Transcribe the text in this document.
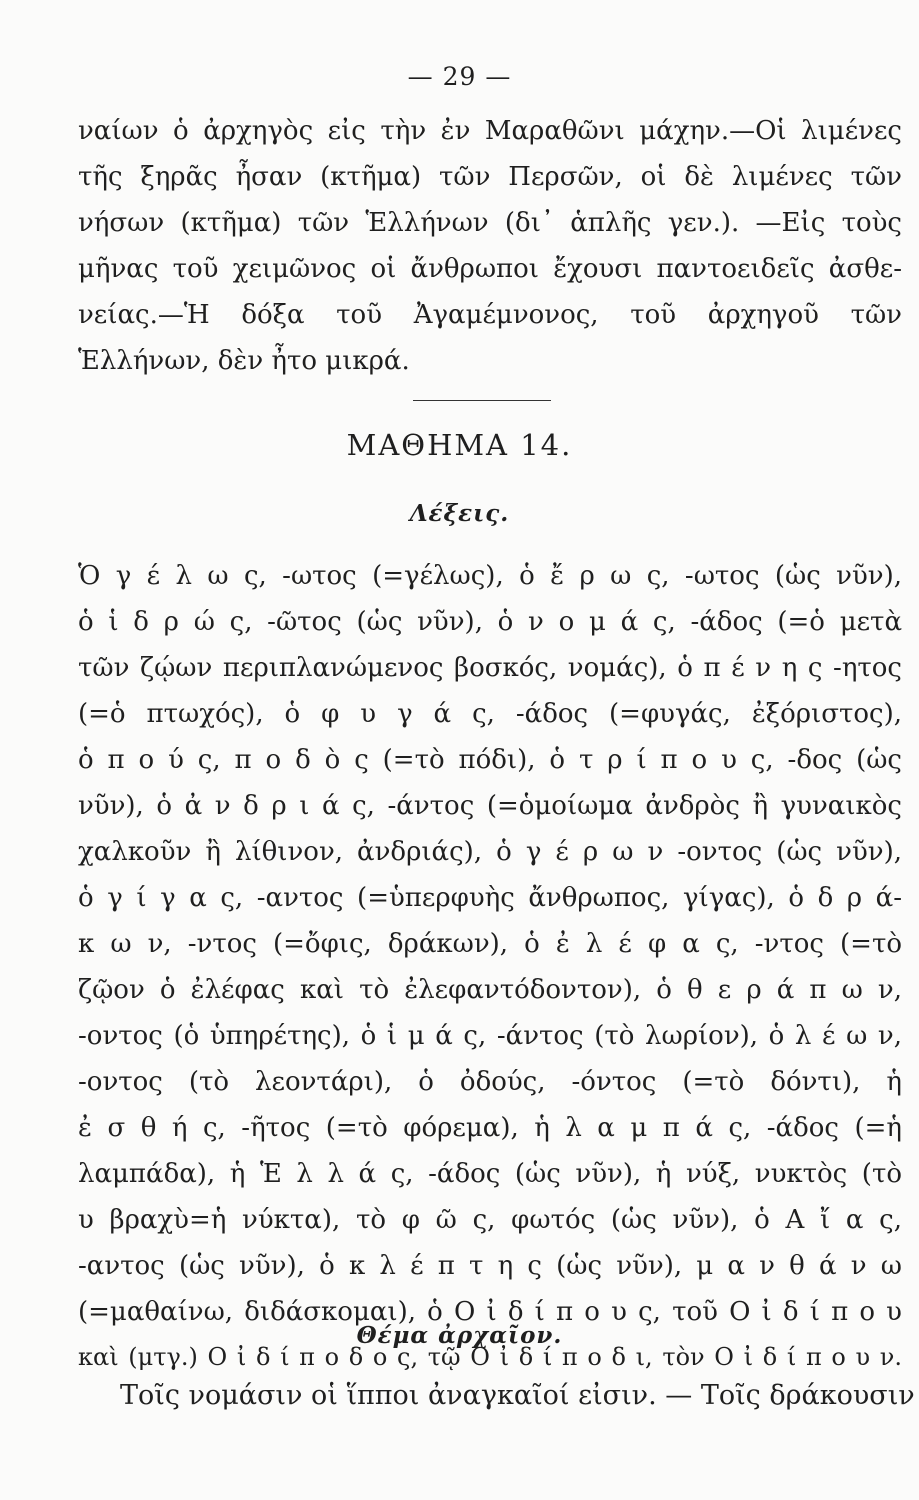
— 29 —
ναίων ὁ ἀρχηγὸς εἰς τὴν ἐν Μαραθῶνι μάχην.—Οἱ λιμένες
τῆς ξηρᾶς ἦσαν (κτῆμα) τῶν Περσῶν, οἱ δὲ λιμένες τῶν
νήσων (κτῆμα) τῶν Ἑλλήνων (δι᾽ ἁπλῆς γεν.). —Εἰς τοὺς
μῆνας τοῦ χειμῶνος οἱ ἄνθρωποι ἔχουσι παντοειδεῖς ἀσθε-
νείας.—Ἡ δόξα τοῦ Ἀγαμέμνονος, τοῦ ἀρχηγοῦ τῶν
Ἑλλήνων, δὲν ἦτο μικρά.
ΜΑΘΗΜΑ 14.
Λέξεις.
Ὁ γ έ λ ω ς, -ωτος (=γέλως), ὁ ἔ ρ ω ς, -ωτος (ὡς νῦν),
ὁ ἱ δ ρ ώ ς, -ῶτος (ὡς νῦν), ὁ ν ο μ ά ς, -άδος (=ὁ μετὰ
τῶν ζῴων περιπλανώμενος βοσκός, νομάς), ὁ π έ ν η ς -ητος
(=ὁ πτωχός), ὁ φ υ γ ά ς, -άδος (=φυγάς, ἐξόριστος),
ὁ π ο ύ ς, π ο δ ὸ ς (=τὸ πόδι), ὁ τ ρ ί π ο υ ς, -δος (ὡς
νῦν), ὁ ἀ ν δ ρ ι ά ς, -άντος (=ὁμοίωμα ἀνδρὸς ἢ γυναικὸς
χαλκοῦν ἢ λίθινον, ἀνδριάς), ὁ γ έ ρ ω ν -οντος (ὡς νῦν),
ὁ γ ί γ α ς, -αντος (=ὑπερφυὴς ἄνθρωπος, γίγας), ὁ δ ρ ά-
κ ω ν, -ντος (=ὄφις, δράκων), ὁ ἐ λ έ φ α ς, -ντος (=τὸ
ζῷον ὁ ἐλέφας καὶ τὸ ἐλεφαντόδοντον), ὁ θ ε ρ ά π ω ν,
-οντος (ὁ ὑπηρέτης), ὁ ἱ μ ά ς, -άντος (τὸ λωρίον), ὁ λ έ ω ν,
-οντος (τὸ λεοντάρι), ὁ ὀδούς, -όντος (=τὸ δόντι), ἡ
ἐ σ θ ή ς, -ῆτος (=τὸ φόρεμα), ἡ λ α μ π ά ς, -άδος (=ἡ
λαμπάδα), ἡ Ἑ λ λ ά ς, -άδος (ὡς νῦν), ἡ νύξ, νυκτὸς (τὸ
υ βραχὺ=ἡ νύκτα), τὸ φ ῶ ς, φωτός (ὡς νῦν), ὁ Α ἴ α ς,
-αντος (ὡς νῦν), ὁ κ λ έ π τ η ς (ὡς νῦν), μ α ν θ ά ν ω
(=μαθαίνω, διδάσκομαι), ὁ Ο ἰ δ ί π ο υ ς, τοῦ Ο ἰ δ ί π ο υ
καὶ (μτγ.) Ο ἰ δ ί π ο δ ο ς, τῷ Ο ἰ δ ί π ο δ ι, τὸν Ο ἰ δ ί π ο υ ν.
Θέμα ἀρχαῖον.
Τοῖς νομάσιν οἱ ἵπποι ἀναγκαῖοί εἰσιν. — Τοῖς δράκουσιν
